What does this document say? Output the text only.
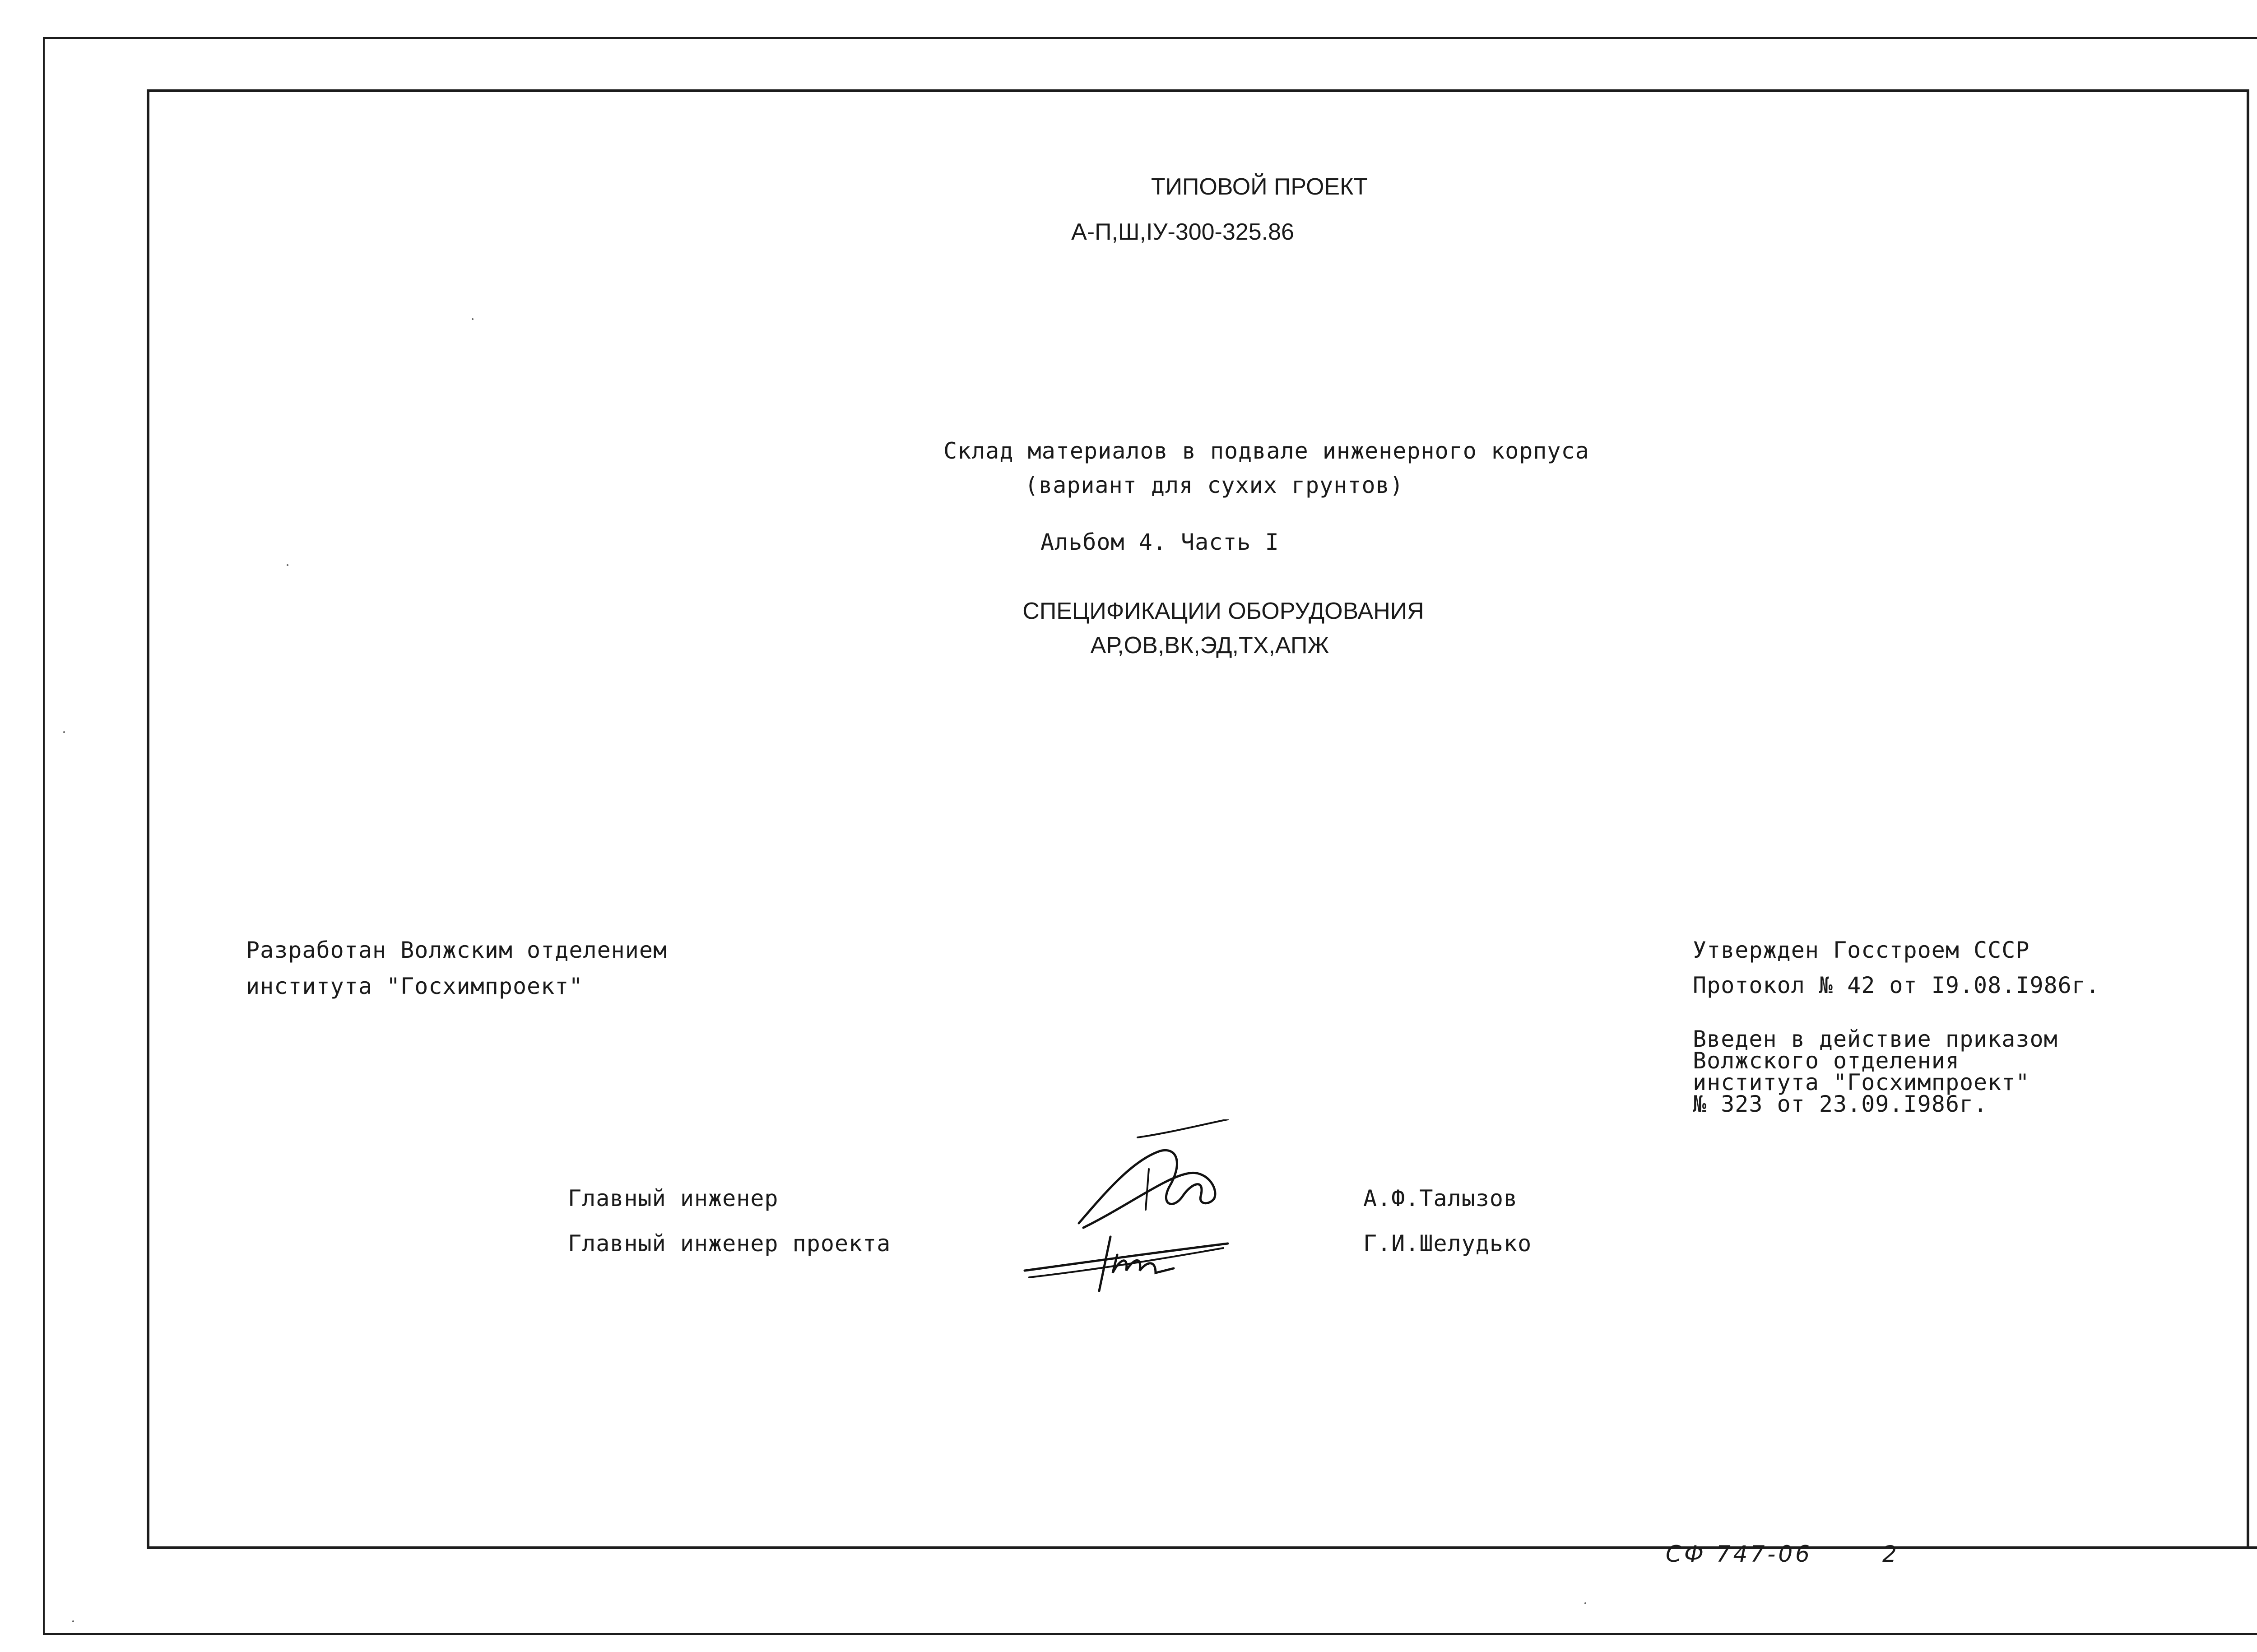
ТИПОВОЙ ПРОЕКТ
А-П,Ш,IУ-300-325.86
Склад материалов в подвале инженерного корпуса
(вариант для сухих грунтов)
Альбом 4. Часть I
СПЕЦИФИКАЦИИ ОБОРУДОВАНИЯ
АР,ОВ,ВК,ЭД,ТХ,АПЖ
Разработан Волжским отделением
института "Госхимпроект"
Утвержден Госстроем СССР
Протокол № 42 от I9.08.I986г.
Введен в действие приказом
Волжского отделения
института "Госхимпроект"
№ 323 от 23.09.I986г.
Главный инженер	А.Ф.Талызов
Главный инженер проекта	Г.И.Шелудько
СФ 747-06	2
